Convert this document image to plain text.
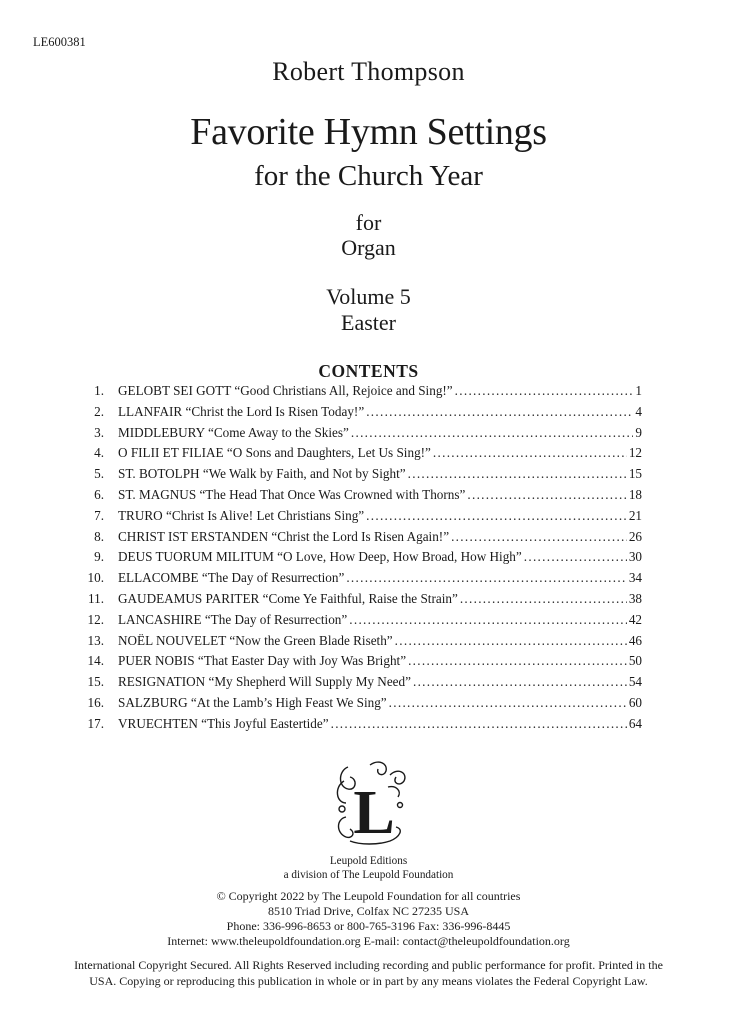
LE600381
Robert Thompson
Favorite Hymn Settings
for the Church Year
for
Organ
Volume 5
Easter
CONTENTS
1. GELOBT SEI GOTT “Good Christians All, Rejoice and Sing!” . . .	1
2. LLANFAIR “Christ the Lord Is Risen Today!” . . .	4
3. MIDDLEBURY “Come Away to the Skies” . . .	9
4. O FILII ET FILIAE “O Sons and Daughters, Let Us Sing!” . . .	12
5. ST. BOTOLPH “We Walk by Faith, and Not by Sight” . . .	15
6. ST. MAGNUS “The Head That Once Was Crowned with Thorns” . . .	18
7. TRURO “Christ Is Alive! Let Christians Sing” . . .	21
8. CHRIST IST ERSTANDEN “Christ the Lord Is Risen Again!” . . .	26
9. DEUS TUORUM MILITUM “O Love, How Deep, How Broad, How High” . . .	30
10. ELLACOMBE “The Day of Resurrection” . . .	34
11. GAUDEAMUS PARITER “Come Ye Faithful, Raise the Strain” . . .	38
12. LANCASHIRE “The Day of Resurrection” . . .	42
13. NOËL NOUVELET “Now the Green Blade Riseth” . . .	46
14. PUER NOBIS “That Easter Day with Joy Was Bright” . . .	50
15. RESIGNATION “My Shepherd Will Supply My Need” . . .	54
16. SALZBURG “At the Lamb’s High Feast We Sing” . . .	60
17. VRUECHTEN “This Joyful Eastertide” . . .	64
L
Leupold Editions
a division of The Leupold Foundation
© Copyright 2022 by The Leupold Foundation for all countries
8510 Triad Drive, Colfax NC 27235 USA
Phone: 336-996-8653 or 800-765-3196 Fax: 336-996-8445
Internet: www.theleupoldfoundation.org E-mail: contact@theleupoldfoundation.org
International Copyright Secured. All Rights Reserved including recording and public performance for profit. Printed in the USA. Copying or reproducing this publication in whole or in part by any means violates the Federal Copyright Law.
